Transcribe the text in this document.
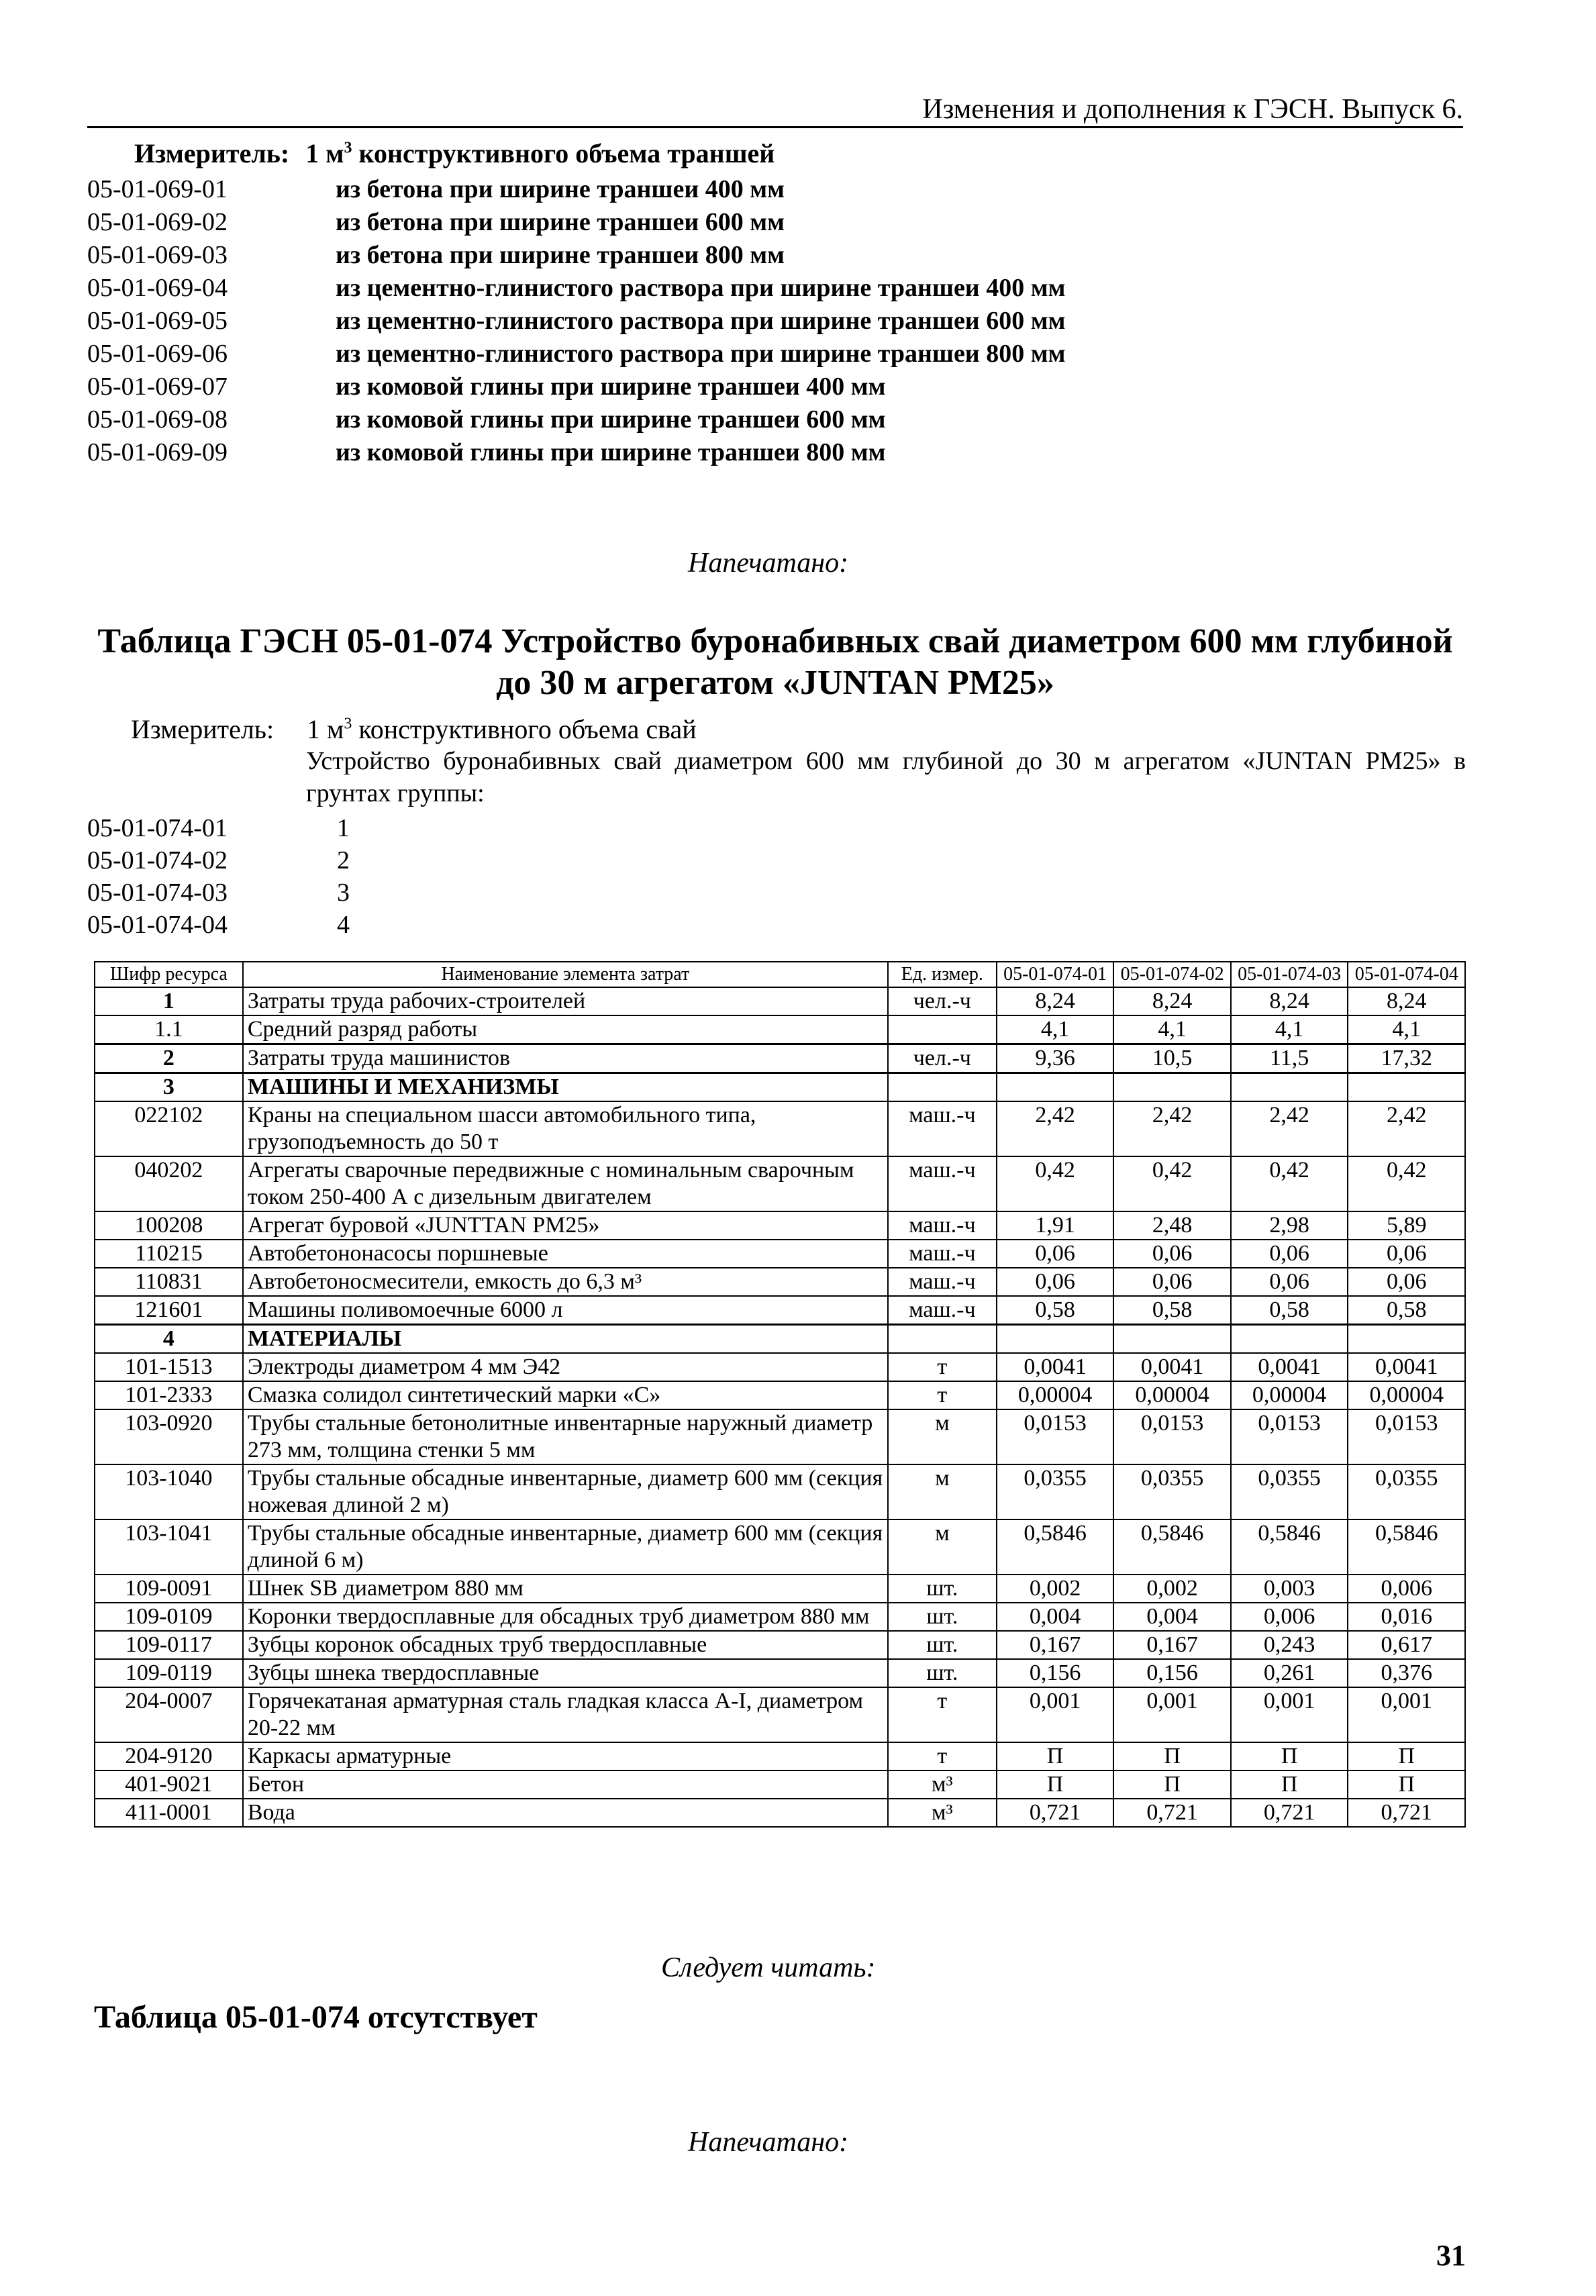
Изменения и дополнения к ГЭСН. Выпуск 6.
Измеритель: 1 $м^3$ конструктивного объема траншей
05-01-069-01	из бетона при ширине траншеи 400 мм
05-01-069-02	из бетона при ширине траншеи 600 мм
05-01-069-03	из бетона при ширине траншеи 800 мм
05-01-069-04	из цементно-глинистого раствора при ширине траншеи 400 мм
05-01-069-05	из цементно-глинистого раствора при ширине траншеи 600 мм
05-01-069-06	из цементно-глинистого раствора при ширине траншеи 800 мм
05-01-069-07	из комовой глины при ширине траншеи 400 мм
05-01-069-08	из комовой глины при ширине траншеи 600 мм
05-01-069-09	из комовой глины при ширине траншеи 800 мм
Напечатано:
Таблица ГЭСН 05-01-074 Устройство буронабивных свай диаметром 600 мм глубиной
до 30 м агрегатом «JUNTAN PM25»
Измеритель: 1 $м^3$ конструктивного объема свай
Устройство буронабивных свай диаметром 600 мм глубиной до 30 м агрегатом «JUNTAN PM25» в грунтах группы:
05-01-074-01	1
05-01-074-02	2
05-01-074-03	3
05-01-074-04	4
Шифр ресурса	Наименование элемента затрат	Ед. измер.	05-01-074-01	05-01-074-02	05-01-074-03	05-01-074-04
1	Затраты труда рабочих-строителей	чел.-ч	8,24	8,24	8,24	8,24
1.1	Средний разряд работы		4,1	4,1	4,1	4,1
2	Затраты труда машинистов	чел.-ч	9,36	10,5	11,5	17,32
3	МАШИНЫ И МЕХАНИЗМЫ					
022102	Краны на специальном шасси автомобильного типа, грузоподъемность до 50 т	маш.-ч	2,42	2,42	2,42	2,42
040202	Агрегаты сварочные передвижные с номинальным сварочным током 250-400 А с дизельным двигателем	маш.-ч	0,42	0,42	0,42	0,42
100208	Агрегат буровой «JUNTTAN PM25»	маш.-ч	1,91	2,48	2,98	5,89
110215	Автобетононасосы поршневые	маш.-ч	0,06	0,06	0,06	0,06
110831	Автобетоносмесители, емкость до 6,3 м³	маш.-ч	0,06	0,06	0,06	0,06
121601	Машины поливомоечные 6000 л	маш.-ч	0,58	0,58	0,58	0,58
4	МАТЕРИАЛЫ					
101-1513	Электроды диаметром 4 мм Э42	т	0,0041	0,0041	0,0041	0,0041
101-2333	Смазка солидол синтетический марки «С»	т	0,00004	0,00004	0,00004	0,00004
103-0920	Трубы стальные бетонолитные инвентарные наружный диаметр 273 мм, толщина стенки 5 мм	м	0,0153	0,0153	0,0153	0,0153
103-1040	Трубы стальные обсадные инвентарные, диаметр 600 мм (секция ножевая длиной 2 м)	м	0,0355	0,0355	0,0355	0,0355
103-1041	Трубы стальные обсадные инвентарные, диаметр 600 мм (секция длиной 6 м)	м	0,5846	0,5846	0,5846	0,5846
109-0091	Шнек SB диаметром 880 мм	шт.	0,002	0,002	0,003	0,006
109-0109	Коронки твердосплавные для обсадных труб диаметром 880 мм	шт.	0,004	0,004	0,006	0,016
109-0117	Зубцы коронок обсадных труб твердосплавные	шт.	0,167	0,167	0,243	0,617
109-0119	Зубцы шнека твердосплавные	шт.	0,156	0,156	0,261	0,376
204-0007	Горячекатаная арматурная сталь гладкая класса А-I, диаметром 20-22 мм	т	0,001	0,001	0,001	0,001
204-9120	Каркасы арматурные	т	П	П	П	П
401-9021	Бетон	м³	П	П	П	П
411-0001	Вода	м³	0,721	0,721	0,721	0,721
Следует читать:
Таблица 05-01-074 отсутствует
Напечатано:
31
